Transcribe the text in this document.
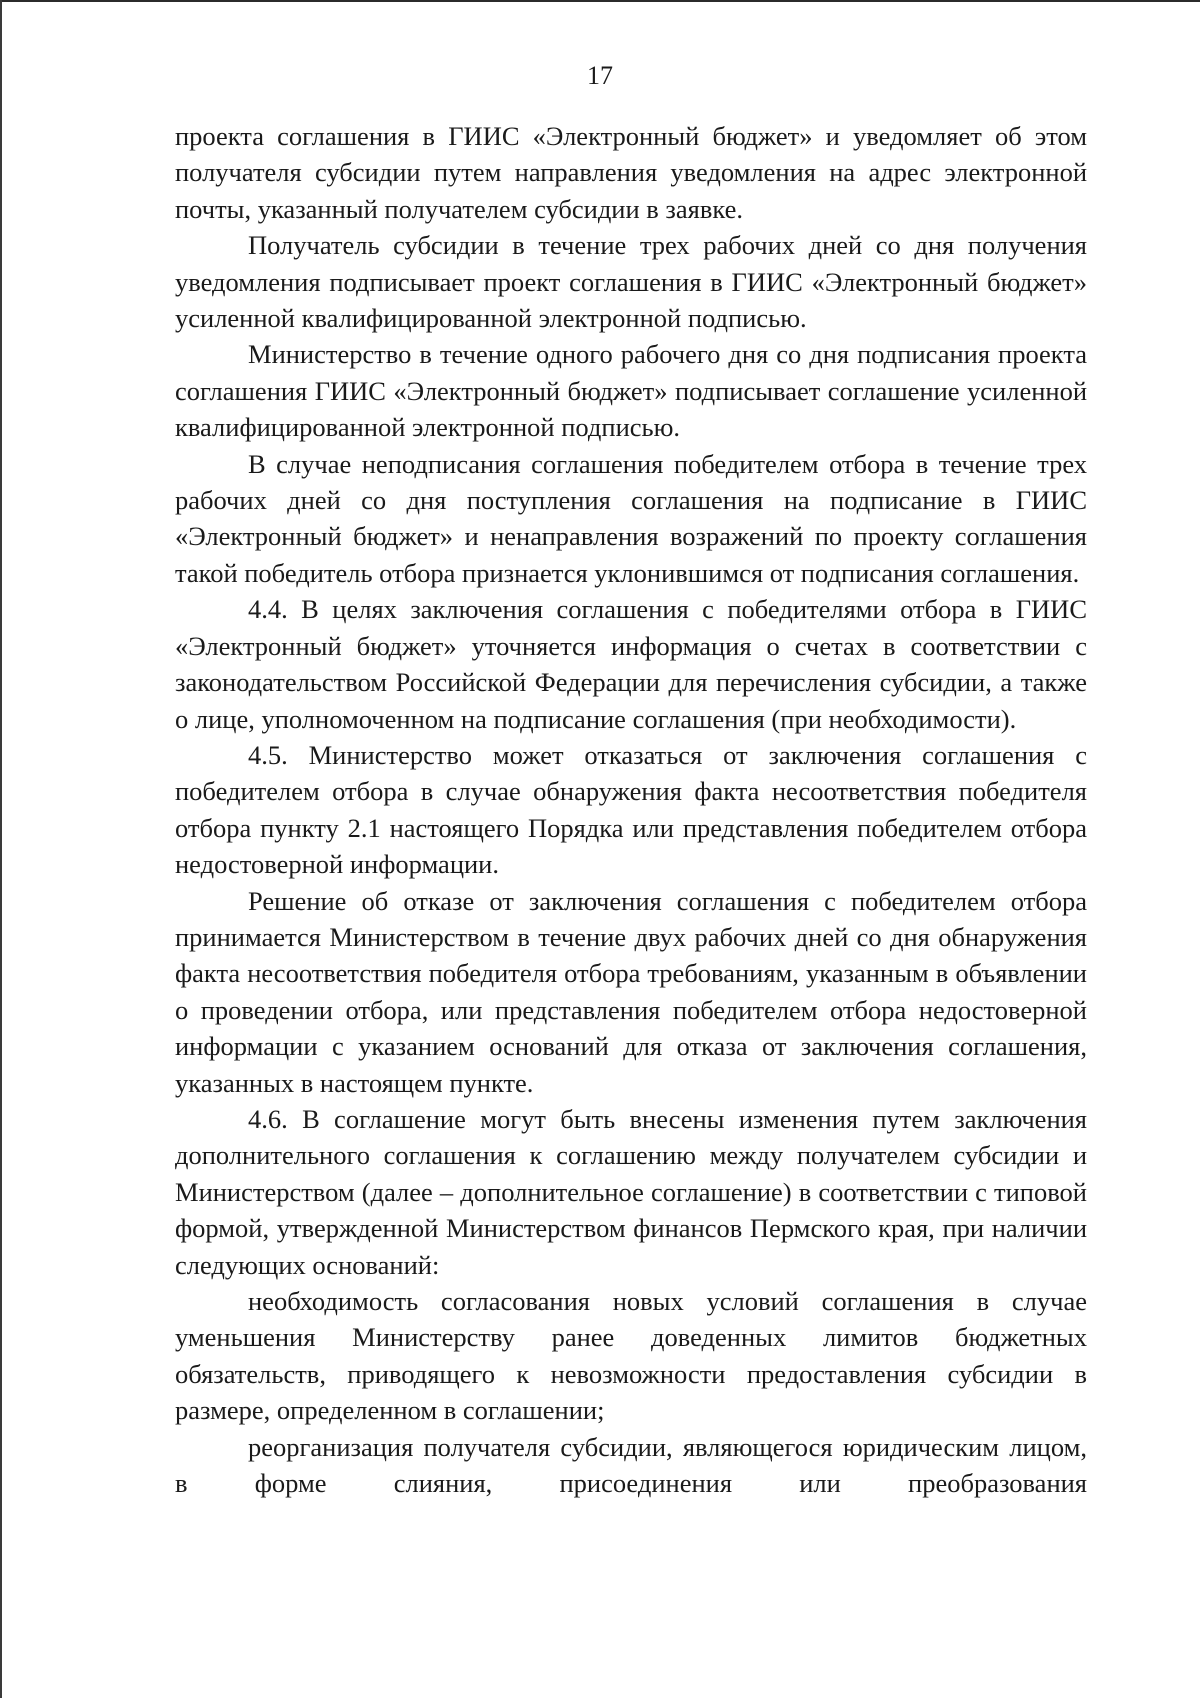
17

проекта соглашения в ГИИС «Электронный бюджет» и уведомляет об этом получателя субсидии путем направления уведомления на адрес электронной почты, указанный получателем субсидии в заявке.

Получатель субсидии в течение трех рабочих дней со дня получения уведомления подписывает проект соглашения в ГИИС «Электронный бюджет» усиленной квалифицированной электронной подписью.

Министерство в течение одного рабочего дня со дня подписания проекта соглашения ГИИС «Электронный бюджет» подписывает соглашение усиленной квалифицированной электронной подписью.

В случае неподписания соглашения победителем отбора в течение трех рабочих дней со дня поступления соглашения на подписание в ГИИС «Электронный бюджет» и ненаправления возражений по проекту соглашения такой победитель отбора признается уклонившимся от подписания соглашения.

4.4. В целях заключения соглашения с победителями отбора в ГИИС «Электронный бюджет» уточняется информация о счетах в соответствии с законодательством Российской Федерации для перечисления субсидии, а также о лице, уполномоченном на подписание соглашения (при необходимости).

4.5. Министерство может отказаться от заключения соглашения с победителем отбора в случае обнаружения факта несоответствия победителя отбора пункту 2.1 настоящего Порядка или представления победителем отбора недостоверной информации.

Решение об отказе от заключения соглашения с победителем отбора принимается Министерством в течение двух рабочих дней со дня обнаружения факта несоответствия победителя отбора требованиям, указанным в объявлении о проведении отбора, или представления победителем отбора недостоверной информации с указанием оснований для отказа от заключения соглашения, указанных в настоящем пункте.

4.6. В соглашение могут быть внесены изменения путем заключения дополнительного соглашения к соглашению между получателем субсидии и Министерством (далее – дополнительное соглашение) в соответствии с типовой формой, утвержденной Министерством финансов Пермского края, при наличии следующих оснований:

необходимость согласования новых условий соглашения в случае уменьшения Министерству ранее доведенных лимитов бюджетных обязательств, приводящего к невозможности предоставления субсидии в размере, определенном в соглашении;

реорганизация получателя субсидии, являющегося юридическим лицом, в форме слияния, присоединения или преобразования
